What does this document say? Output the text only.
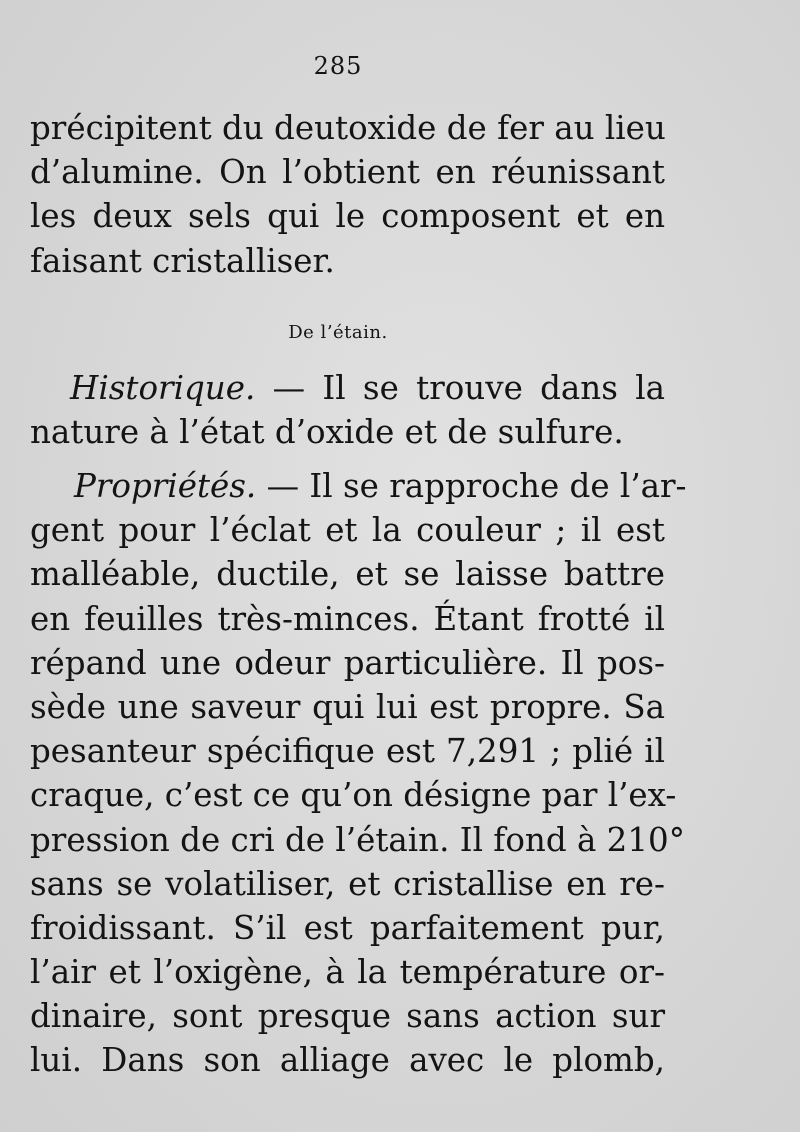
285
précipitent du deutoxide de fer au lieu
d’alumine. On l’obtient en réunissant
les deux sels qui le composent et en
faisant cristalliser.
De l’étain.
Historique. — Il se trouve dans la
nature à l’état d’oxide et de sulfure.
Propriétés. — Il se rapproche de l’ar-
gent pour l’éclat et la couleur ; il est
malléable, ductile, et se laisse battre
en feuilles très-minces. Étant frotté il
répand une odeur particulière. Il pos-
sède une saveur qui lui est propre. Sa
pesanteur spécifique est 7,291 ; plié il
craque, c’est ce qu’on désigne par l’ex-
pression de cri de l’étain. Il fond à 210°
sans se volatiliser, et cristallise en re-
froidissant. S’il est parfaitement pur,
l’air et l’oxigène, à la température or-
dinaire, sont presque sans action sur
lui. Dans son alliage avec le plomb,
